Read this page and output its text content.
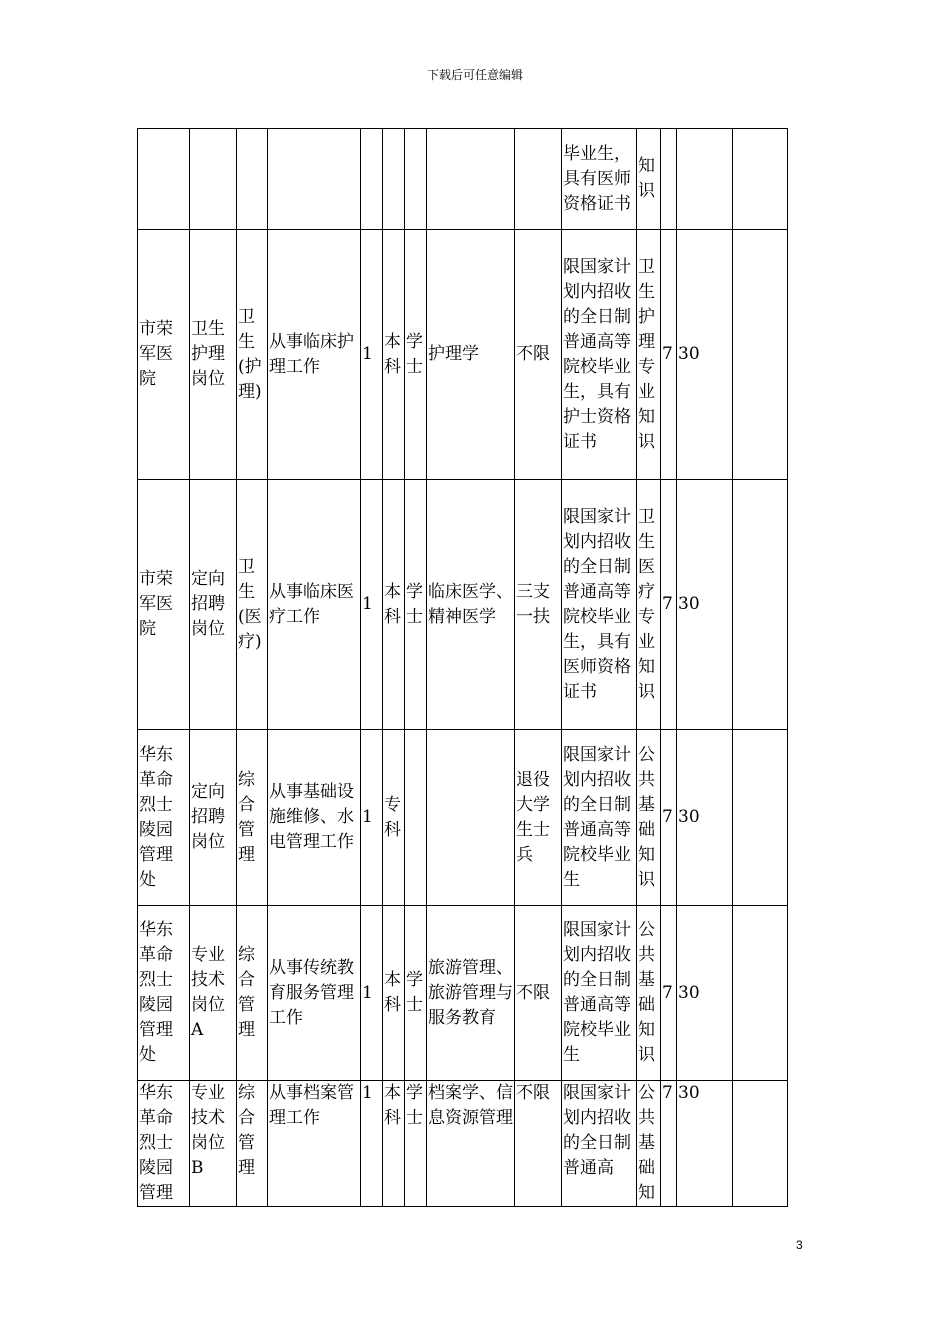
下载后可任意编辑
									毕业生，具有医师资格证书	知识			
市荣军医院	卫生护理岗位	卫生(护理)	从事临床护理工作	1	本科	学士	护理学	不限	限国家计划内招收的全日制普通高等院校毕业生，具有护士资格证书	卫生护理专业知识	7	30	
市荣军医院	定向招聘岗位	卫生(医疗)	从事临床医疗工作	1	本科	学士	临床医学、精神医学	三支一扶	限国家计划内招收的全日制普通高等院校毕业生，具有医师资格证书	卫生医疗专业知识	7	30	
华东革命烈士陵园管理处	定向招聘岗位	综合管理	从事基础设施维修、水电管理工作	1	专科			退役大学生士兵	限国家计划内招收的全日制普通高等院校毕业生	公共基础知识	7	30	
华东革命烈士陵园管理处	专业技术岗位A	综合管理	从事传统教育服务管理工作	1	本科	学士	旅游管理、旅游管理与服务教育	不限	限国家计划内招收的全日制普通高等院校毕业生	公共基础知识	7	30	
华东革命烈士陵园管理	专业技术岗位B	综合管理	从事档案管理工作	1	本科	学士	档案学、信息资源管理	不限	限国家计划内招收的全日制普通高	公共基础知	7	30	
3
